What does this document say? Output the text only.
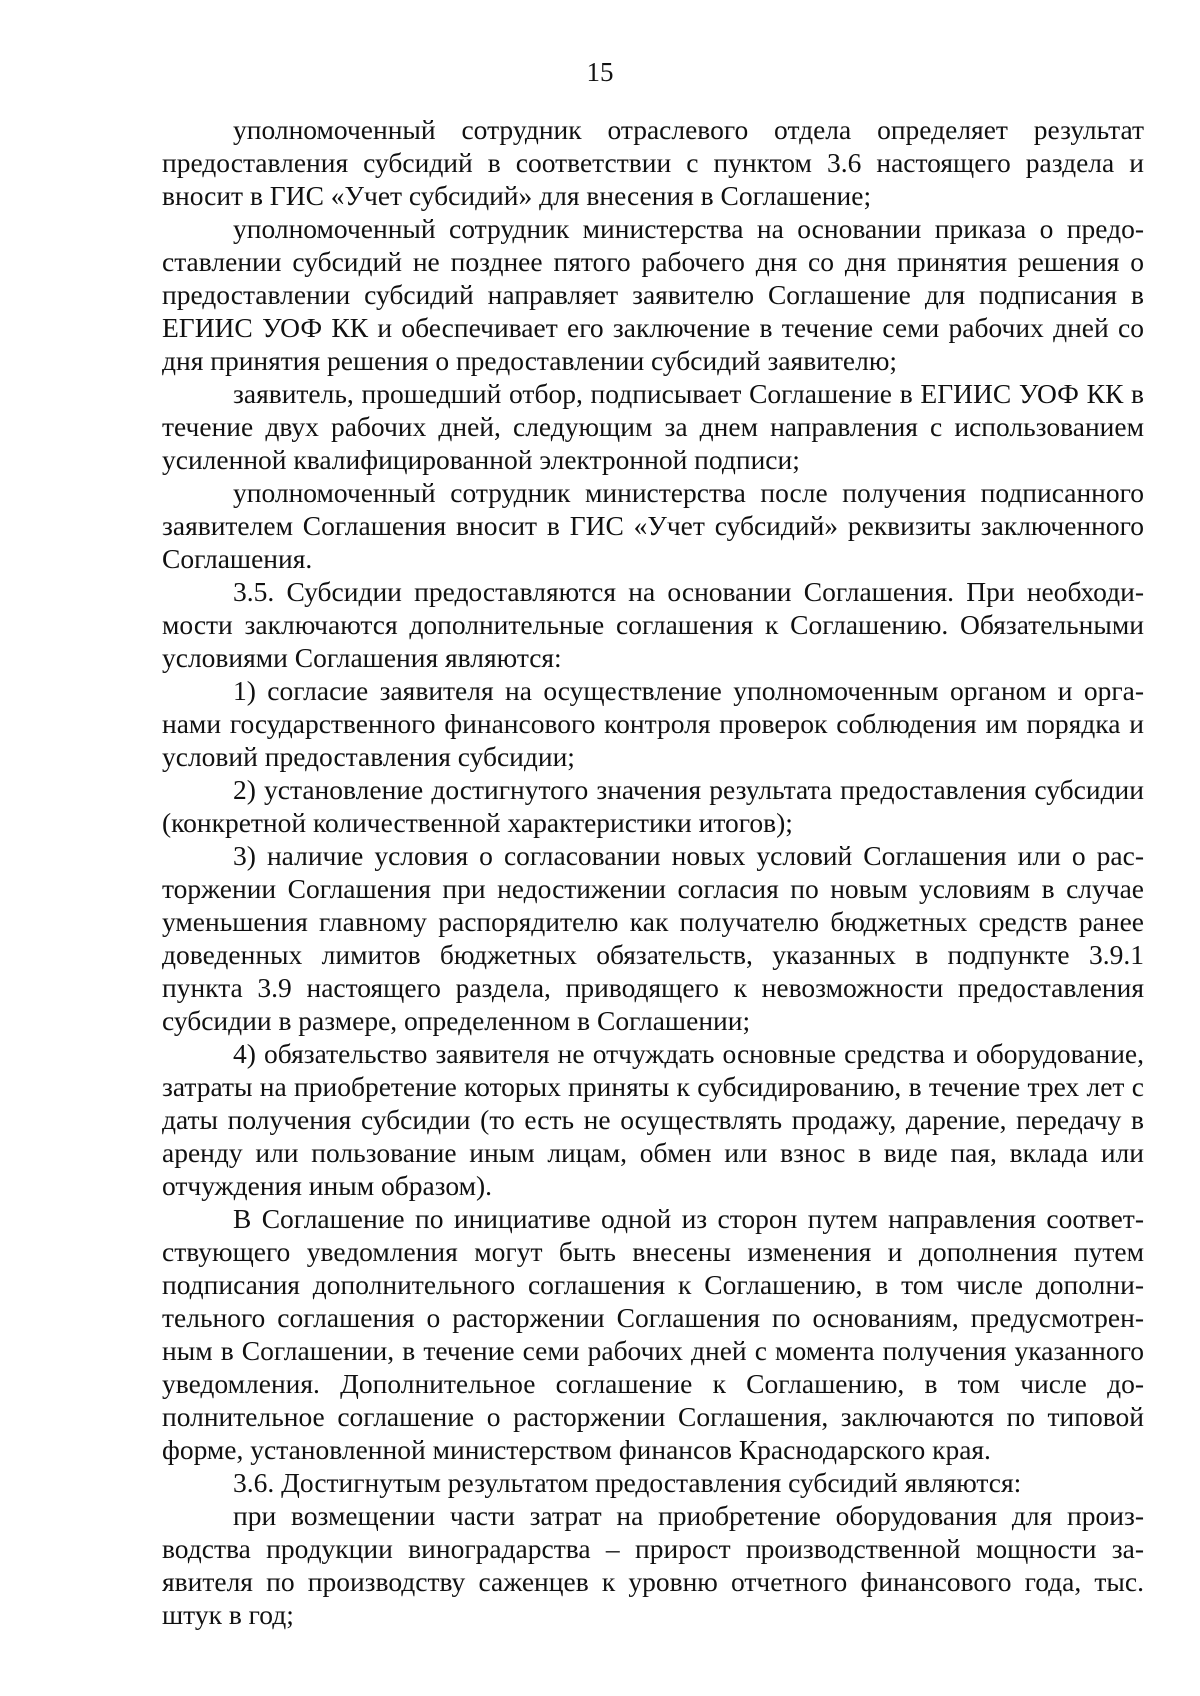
15

уполномоченный сотрудник отраслевого отдела определяет результат предоставления субсидий в соответствии с пунктом 3.6 настоящего раздела и вносит в ГИС «Учет субсидий» для внесения в Соглашение;

уполномоченный сотрудник министерства на основании приказа о предоставлении субсидий не позднее пятого рабочего дня со дня принятия решения о предоставлении субсидий направляет заявителю Соглашение для подписания в ЕГИИС УОФ КК и обеспечивает его заключение в течение семи рабочих дней со дня принятия решения о предоставлении субсидий заявителю;

заявитель, прошедший отбор, подписывает Соглашение в ЕГИИС УОФ КК в течение двух рабочих дней, следующим за днем направления с использованием усиленной квалифицированной электронной подписи;

уполномоченный сотрудник министерства после получения подписанного заявителем Соглашения вносит в ГИС «Учет субсидий» реквизиты заключенного Соглашения.

3.5. Субсидии предоставляются на основании Соглашения. При необходимости заключаются дополнительные соглашения к Соглашению. Обязательными условиями Соглашения являются:

1) согласие заявителя на осуществление уполномоченным органом и органами государственного финансового контроля проверок соблюдения им порядка и условий предоставления субсидии;

2) установление достигнутого значения результата предоставления субсидии (конкретной количественной характеристики итогов);

3) наличие условия о согласовании новых условий Соглашения или о расторжении Соглашения при недостижении согласия по новым условиям в случае уменьшения главному распорядителю как получателю бюджетных средств ранее доведенных лимитов бюджетных обязательств, указанных в подпункте 3.9.1 пункта 3.9 настоящего раздела, приводящего к невозможности предоставления субсидии в размере, определенном в Соглашении;

4) обязательство заявителя не отчуждать основные средства и оборудование, затраты на приобретение которых приняты к субсидированию, в течение трех лет с даты получения субсидии (то есть не осуществлять продажу, дарение, передачу в аренду или пользование иным лицам, обмен или взнос в виде пая, вклада или отчуждения иным образом).

В Соглашение по инициативе одной из сторон путем направления соответствующего уведомления могут быть внесены изменения и дополнения путем подписания дополнительного соглашения к Соглашению, в том числе дополнительного соглашения о расторжении Соглашения по основаниям, предусмотренным в Соглашении, в течение семи рабочих дней с момента получения указанного уведомления. Дополнительное соглашение к Соглашению, в том числе дополнительное соглашение о расторжении Соглашения, заключаются по типовой форме, установленной министерством финансов Краснодарского края.

3.6. Достигнутым результатом предоставления субсидий являются:

при возмещении части затрат на приобретение оборудования для производства продукции виноградарства – прирост производственной мощности заявителя по производству саженцев к уровню отчетного финансового года, тыс. штук в год;
